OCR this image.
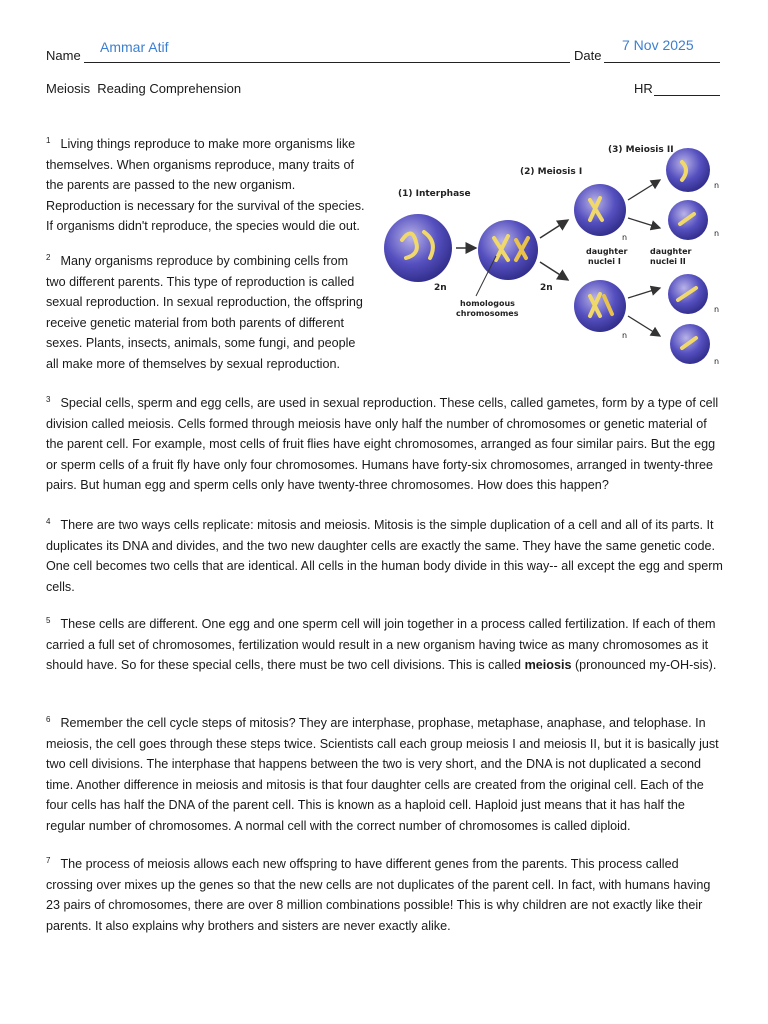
Name
Ammar Atif
Date
7 Nov 2025
Meiosis  Reading Comprehension	HR
$^1$ Living things reproduce to make more organisms like themselves. When organisms reproduce, many traits of the parents are passed to the new organism. Reproduction is necessary for the survival of the species. If organisms didn't reproduce, the species would die out.
$^2$ Many organisms reproduce by combining cells from two different parents. This type of reproduction is called sexual reproduction. In sexual reproduction, the offspring receive genetic material from both parents of different sexes. Plants, insects, animals, some fungi, and people all make more of themselves by sexual reproduction.
(1) Interphase
(2) Meiosis I
(3) Meiosis II
2n	2n
homologous
chromosomes
n
n
daughter
nuclei I
daughter
nuclei II
n
n
n
n
$^3$ Special cells, sperm and egg cells, are used in sexual reproduction. These cells, called gametes, form by a type of cell division called meiosis. Cells formed through meiosis have only half the number of chromosomes or genetic material of the parent cell. For example, most cells of fruit flies have eight chromosomes, arranged as four similar pairs. But the egg or sperm cells of a fruit fly have only four chromosomes. Humans have forty-six chromosomes, arranged in twenty-three pairs. But human egg and sperm cells only have twenty-three chromosomes. How does this happen?
$^4$ There are two ways cells replicate: mitosis and meiosis. Mitosis is the simple duplication of a cell and all of its parts. It duplicates its DNA and divides, and the two new daughter cells are exactly the same. They have the same genetic code. One cell becomes two cells that are identical. All cells in the human body divide in this way-- all except the egg and sperm cells.
$^5$ These cells are different. One egg and one sperm cell will join together in a process called fertilization. If each of them carried a full set of chromosomes, fertilization would result in a new organism having twice as many chromosomes as it should have. So for these special cells, there must be two cell divisions. This is called meiosis (pronounced my-OH-sis).
$^6$ Remember the cell cycle steps of mitosis? They are interphase, prophase, metaphase, anaphase, and telophase. In meiosis, the cell goes through these steps twice. Scientists call each group meiosis I and meiosis II, but it is basically just two cell divisions. The interphase that happens between the two is very short, and the DNA is not duplicated a second time. Another difference in meiosis and mitosis is that four daughter cells are created from the original cell. Each of the four cells has half the DNA of the parent cell. This is known as a haploid cell. Haploid just means that it has half the regular number of chromosomes. A normal cell with the correct number of chromosomes is called diploid.
$^7$ The process of meiosis allows each new offspring to have different genes from the parents. This process called crossing over mixes up the genes so that the new cells are not duplicates of the parent cell. In fact, with humans having 23 pairs of chromosomes, there are over 8 million combinations possible! This is why children are not exactly like their parents. It also explains why brothers and sisters are never exactly alike.
